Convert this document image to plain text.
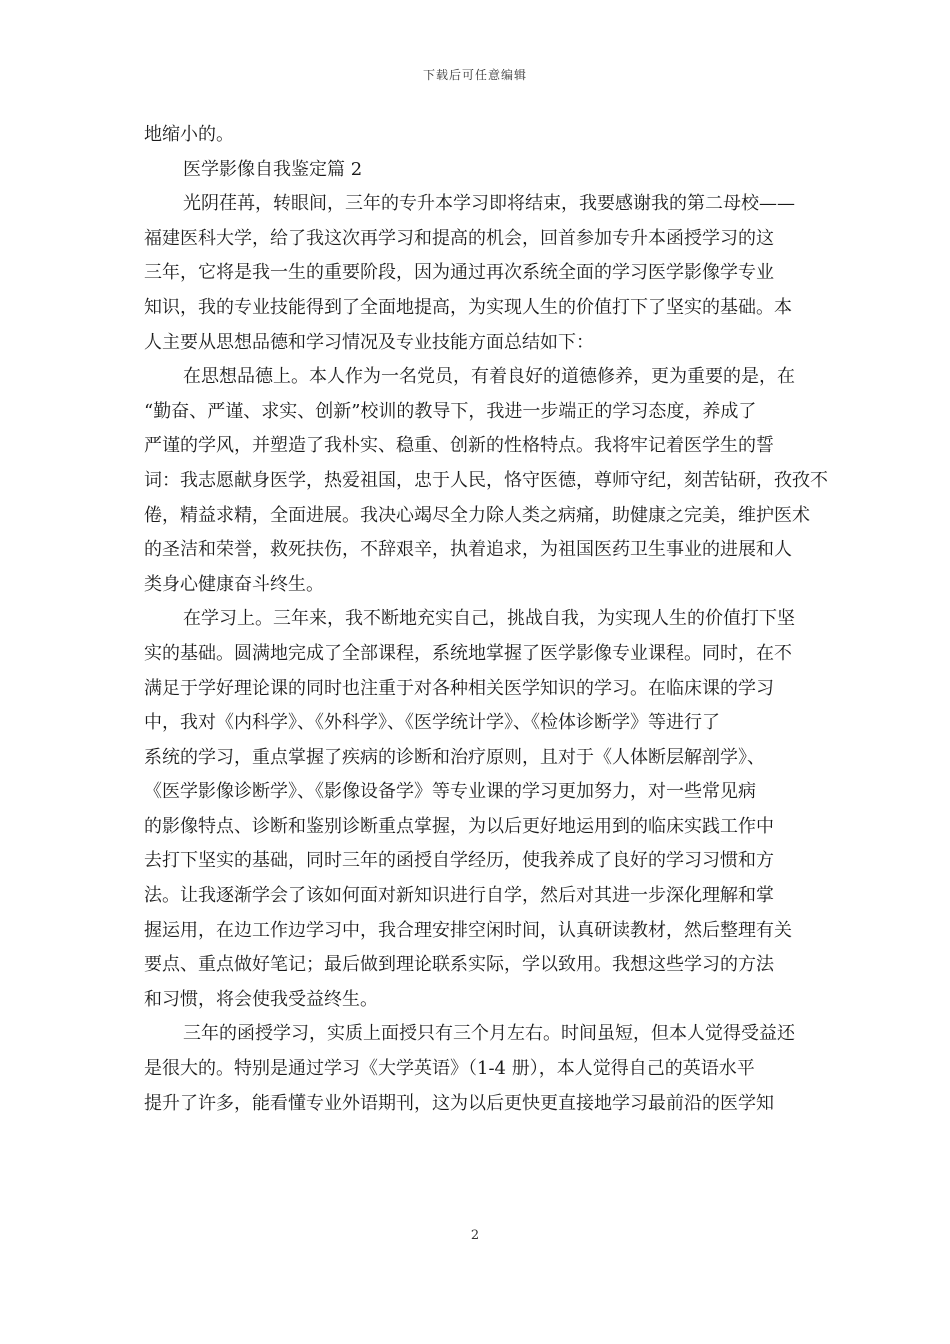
下载后可任意编辑
地缩小的。
医学影像自我鉴定篇 2
光阴荏苒，转眼间，三年的专升本学习即将结束，我要感谢我的第二母校——
福建医科大学，给了我这次再学习和提高的机会，回首参加专升本函授学习的这
三年，它将是我一生的重要阶段，因为通过再次系统全面的学习医学影像学专业
知识，我的专业技能得到了全面地提高，为实现人生的价值打下了坚实的基础。本
人主要从思想品德和学习情况及专业技能方面总结如下：
在思想品德上。本人作为一名党员，有着良好的道德修养，更为重要的是，在
“勤奋、严谨、求实、创新”校训的教导下，我进一步端正的学习态度，养成了
严谨的学风，并塑造了我朴实、稳重、创新的性格特点。我将牢记着医学生的誓
词：我志愿献身医学，热爱祖国，忠于人民，恪守医德，尊师守纪，刻苦钻研，孜孜不
倦，精益求精，全面进展。我决心竭尽全力除人类之病痛，助健康之完美，维护医术
的圣洁和荣誉，救死扶伤，不辞艰辛，执着追求，为祖国医药卫生事业的进展和人
类身心健康奋斗终生。
在学习上。三年来，我不断地充实自己，挑战自我，为实现人生的价值打下坚
实的基础。圆满地完成了全部课程，系统地掌握了医学影像专业课程。同时，在不
满足于学好理论课的同时也注重于对各种相关医学知识的学习。在临床课的学习
中，我对《内科学》、《外科学》、《医学统计学》、《检体诊断学》等进行了
系统的学习，重点掌握了疾病的诊断和治疗原则，且对于《人体断层解剖学》、
《医学影像诊断学》、《影像设备学》等专业课的学习更加努力，对一些常见病
的影像特点、诊断和鉴别诊断重点掌握，为以后更好地运用到的临床实践工作中
去打下坚实的基础，同时三年的函授自学经历，使我养成了良好的学习习惯和方
法。让我逐渐学会了该如何面对新知识进行自学，然后对其进一步深化理解和掌
握运用，在边工作边学习中，我合理安排空闲时间，认真研读教材，然后整理有关
要点、重点做好笔记；最后做到理论联系实际，学以致用。我想这些学习的方法
和习惯，将会使我受益终生。
三年的函授学习，实质上面授只有三个月左右。时间虽短，但本人觉得受益还
是很大的。特别是通过学习《大学英语》（1-4 册），本人觉得自己的英语水平
提升了许多，能看懂专业外语期刊，这为以后更快更直接地学习最前沿的医学知
2
